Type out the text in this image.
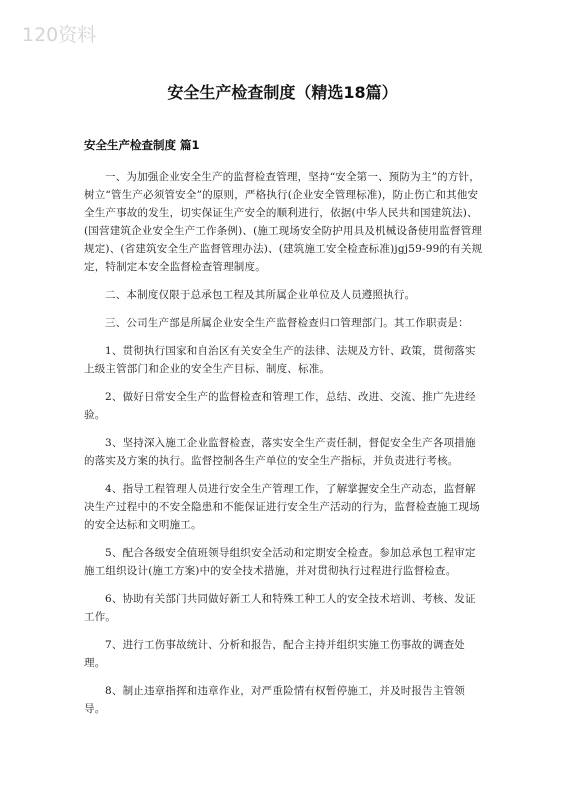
120资料
安全生产检查制度（精选18篇）
安全生产检查制度 篇1

一、为加强企业安全生产的监督检查管理，坚持“安全第一、预防为主”的方针，树立“管生产必须管安全”的原则，严格执行(企业安全管理标准)，防止伤亡和其他安全生产事故的发生，切实保证生产安全的顺利进行，依据(中华人民共和国建筑法)、(国营建筑企业安全生产工作条例)、(施工现场安全防护用具及机械设备使用监督管理规定)、(省建筑安全生产监督管理办法)、(建筑施工安全检查标准)jgj59-99的有关规定，特制定本安全监督检查管理制度。

二、本制度仅限于总承包工程及其所属企业单位及人员遵照执行。

三、公司生产部是所属企业安全生产监督检查归口管理部门。其工作职责是：

1、贯彻执行国家和自治区有关安全生产的法律、法规及方针、政策，贯彻落实上级主管部门和企业的安全生产目标、制度、标准。

2、做好日常安全生产的监督检查和管理工作，总结、改进、交流、推广先进经验。

3、坚持深入施工企业监督检查，落实安全生产责任制，督促安全生产各项措施的落实及方案的执行。监督控制各生产单位的安全生产指标，并负责进行考核。

4、指导工程管理人员进行安全生产管理工作，了解掌握安全生产动态，监督解决生产过程中的不安全隐患和不能保证进行安全生产活动的行为，监督检查施工现场的安全达标和文明施工。

5、配合各级安全值班领导组织安全活动和定期安全检查。参加总承包工程审定施工组织设计(施工方案)中的安全技术措施，并对贯彻执行过程进行监督检查。

6、协助有关部门共同做好新工人和特殊工种工人的安全技术培训、考核、发证工作。

7、进行工伤事故统计、分析和报告，配合主持并组织实施工伤事故的调查处理。

8、制止违章指挥和违章作业，对严重险情有权暂停施工，并及时报告主管领导。
